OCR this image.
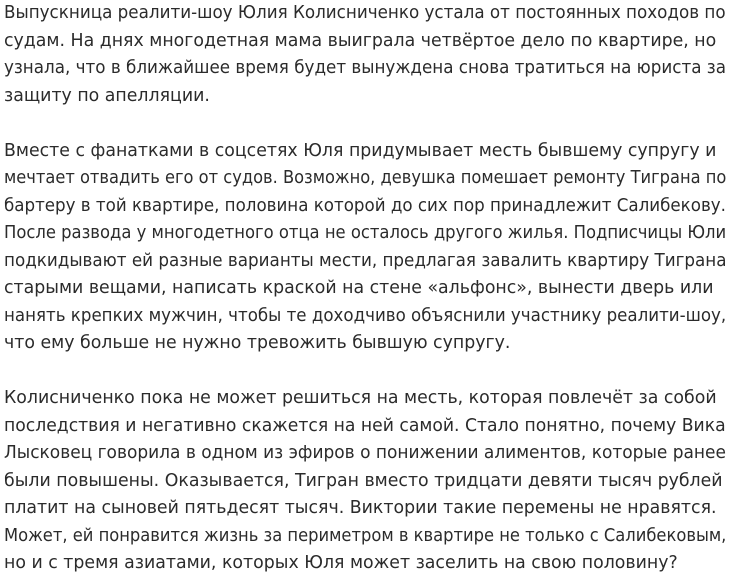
Выпускница реалити-шоу Юлия Колисниченко устала от постоянных походов по
судам. На днях многодетная мама выиграла четвёртое дело по квартире, но
узнала, что в ближайшее время будет вынуждена снова тратиться на юриста за
защиту по апелляции.

Вместе с фанатками в соцсетях Юля придумывает месть бывшему супругу и
мечтает отвадить его от судов. Возможно, девушка помешает ремонту Тиграна по
бартеру в той квартире, половина которой до сих пор принадлежит Салибекову.
После развода у многодетного отца не осталось другого жилья. Подписчицы Юли
подкидывают ей разные варианты мести, предлагая завалить квартиру Тиграна
старыми вещами, написать краской на стене «альфонс», вынести дверь или
нанять крепких мужчин, чтобы те доходчиво объяснили участнику реалити-шоу,
что ему больше не нужно тревожить бывшую супругу.

Колисниченко пока не может решиться на месть, которая повлечёт за собой
последствия и негативно скажется на ней самой. Стало понятно, почему Вика
Лысковец говорила в одном из эфиров о понижении алиментов, которые ранее
были повышены. Оказывается, Тигран вместо тридцати девяти тысяч рублей
платит на сыновей пятьдесят тысяч. Виктории такие перемены не нравятся.
Может, ей понравится жизнь за периметром в квартире не только с Салибековым,
но и с тремя азиатами, которых Юля может заселить на свою половину?
